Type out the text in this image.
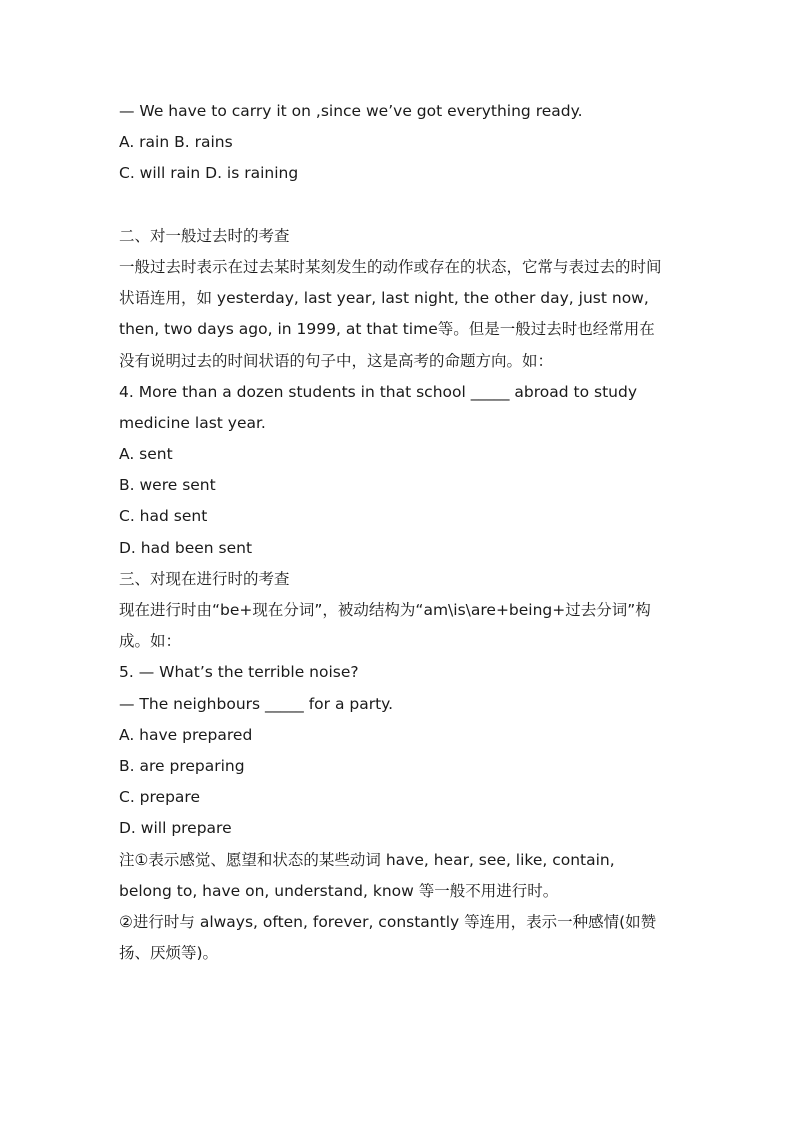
— We have to carry it on ,since we’ve got everything ready.
A. rain B. rains
C. will rain D. is raining
二、对一般过去时的考查
一般过去时表示在过去某时某刻发生的动作或存在的状态，它常与表过去的时间
状语连用，如 yesterday, last year, last night, the other day, just now,
then, two days ago, in 1999, at that time等。但是一般过去时也经常用在
没有说明过去的时间状语的句子中，这是高考的命题方向。如：
4. More than a dozen students in that school _____ abroad to study
medicine last year.
A. sent
B. were sent
C. had sent
D. had been sent
三、对现在进行时的考查
现在进行时由“be+现在分词”，被动结构为“am\is\are+being+过去分词”构
成。如：
5. — What’s the terrible noise?
— The neighbours _____ for a party.
A. have prepared
B. are preparing
C. prepare
D. will prepare
注①表示感觉、愿望和状态的某些动词 have, hear, see, like, contain,
belong to, have on, understand, know 等一般不用进行时。
②进行时与 always, often, forever, constantly 等连用，表示一种感情(如赞
扬、厌烦等)。
